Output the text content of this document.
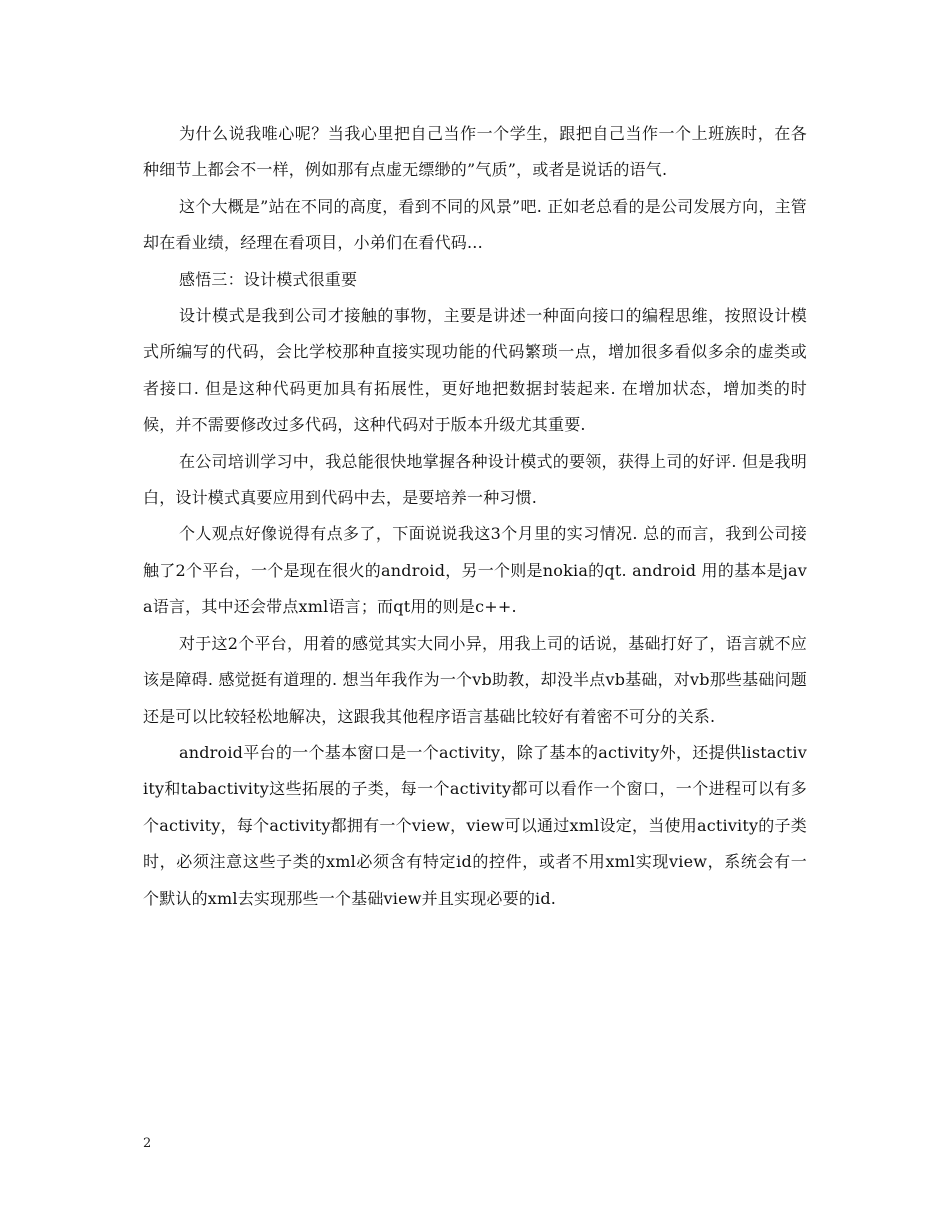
为什么说我唯心呢？当我心里把自己当作一个学生，跟把自己当作一个上班族时，在各种细节上都会不一样，例如那有点虚无缥缈的”气质”，或者是说话的语气.

这个大概是”站在不同的高度，看到不同的风景”吧. 正如老总看的是公司发展方向，主管却在看业绩，经理在看项目，小弟们在看代码...

感悟三：设计模式很重要

设计模式是我到公司才接触的事物，主要是讲述一种面向接口的编程思维，按照设计模式所编写的代码，会比学校那种直接实现功能的代码繁琐一点，增加很多看似多余的虚类或者接口. 但是这种代码更加具有拓展性，更好地把数据封装起来. 在增加状态，增加类的时候，并不需要修改过多代码，这种代码对于版本升级尤其重要.

在公司培训学习中，我总能很快地掌握各种设计模式的要领，获得上司的好评. 但是我明白，设计模式真要应用到代码中去，是要培养一种习惯.

个人观点好像说得有点多了，下面说说我这3个月里的实习情况. 总的而言，我到公司接触了2个平台，一个是现在很火的android，另一个则是nokia的qt. android 用的基本是java语言，其中还会带点xml语言；而qt用的则是c++.

对于这2个平台，用着的感觉其实大同小异，用我上司的话说，基础打好了，语言就不应该是障碍. 感觉挺有道理的. 想当年我作为一个vb助教，却没半点vb基础，对vb那些基础问题还是可以比较轻松地解决，这跟我其他程序语言基础比较好有着密不可分的关系.

android平台的一个基本窗口是一个activity，除了基本的activity外，还提供listactivity和tabactivity这些拓展的子类，每一个activity都可以看作一个窗口，一个进程可以有多个activity，每个activity都拥有一个view，view可以通过xml设定，当使用activity的子类时，必须注意这些子类的xml必须含有特定id的控件，或者不用xml实现view，系统会有一个默认的xml去实现那些一个基础view并且实现必要的id.

2
